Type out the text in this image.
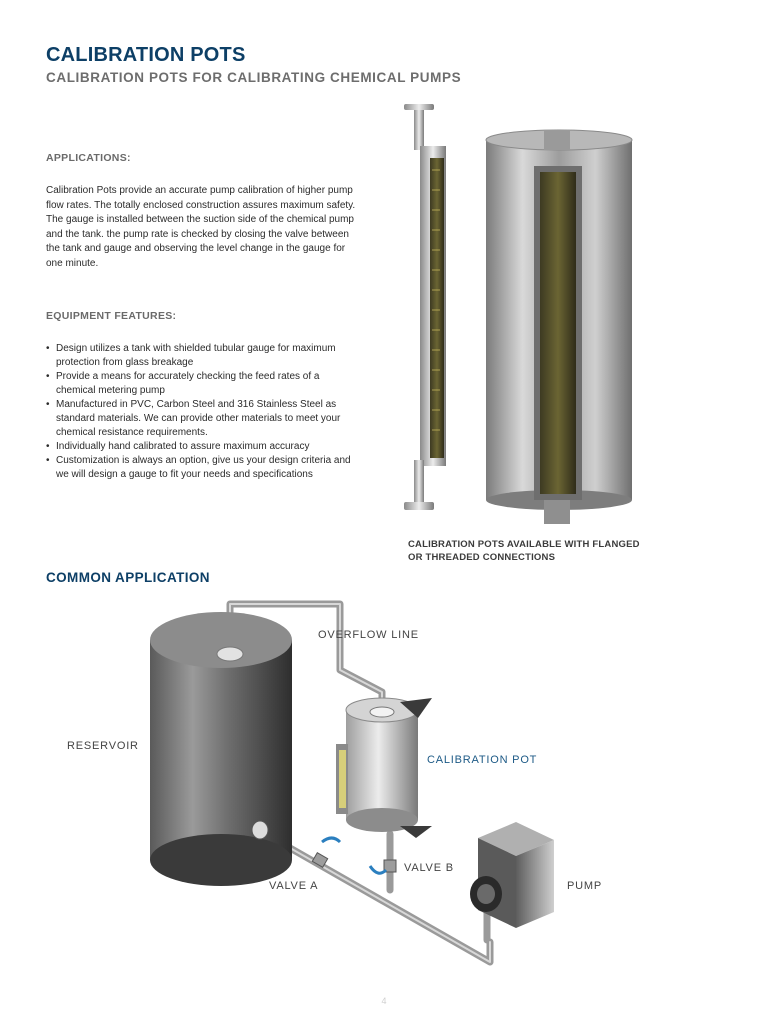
CALIBRATION POTS
CALIBRATION POTS FOR CALIBRATING CHEMICAL PUMPS
APPLICATIONS:
Calibration Pots provide an accurate pump calibration of higher pump flow rates. The totally enclosed construction assures maximum safety. The gauge is installed between the suction side of the chemical pump and the tank. the pump rate is checked by closing the valve between the tank and gauge and observing the level change in the gauge for one minute.
EQUIPMENT FEATURES:
• Design utilizes a tank with shielded tubular gauge for maximum protection from glass breakage
• Provide a means for accurately checking the feed rates of a chemical metering pump
• Manufactured in PVC, Carbon Steel and 316 Stainless Steel as standard materials. We can provide other materials to meet your chemical resistance requirements.
• Individually hand calibrated to assure maximum accuracy
• Customization is always an option, give us your design criteria and we will design a gauge to fit your needs and specifications
CALIBRATION POTS AVAILABLE WITH FLANGED OR THREADED CONNECTIONS
COMMON APPLICATION
OVERFLOW LINE
RESERVOIR
CALIBRATION POT
VALVE B
VALVE A	PUMP
4
